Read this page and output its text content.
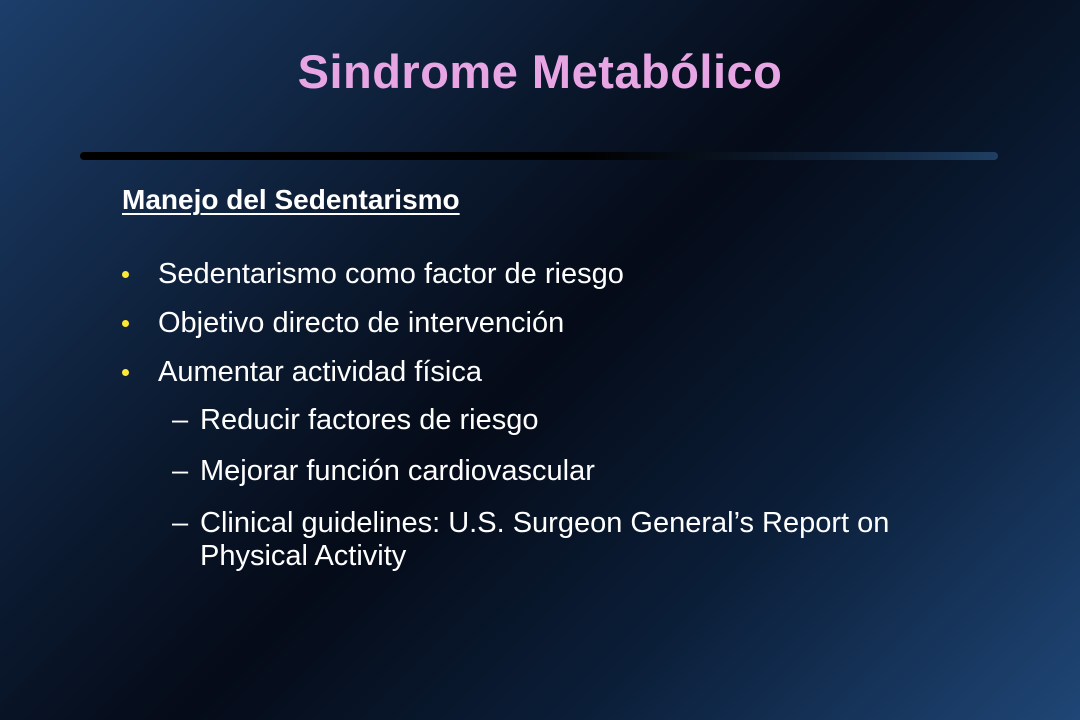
Sindrome Metabólico
Manejo del Sedentarismo
Sedentarismo como factor de riesgo
Objetivo directo de intervención
Aumentar actividad física
– Reducir factores de riesgo
– Mejorar función cardiovascular
– Clinical guidelines: U.S. Surgeon General’s Report on Physical Activity
